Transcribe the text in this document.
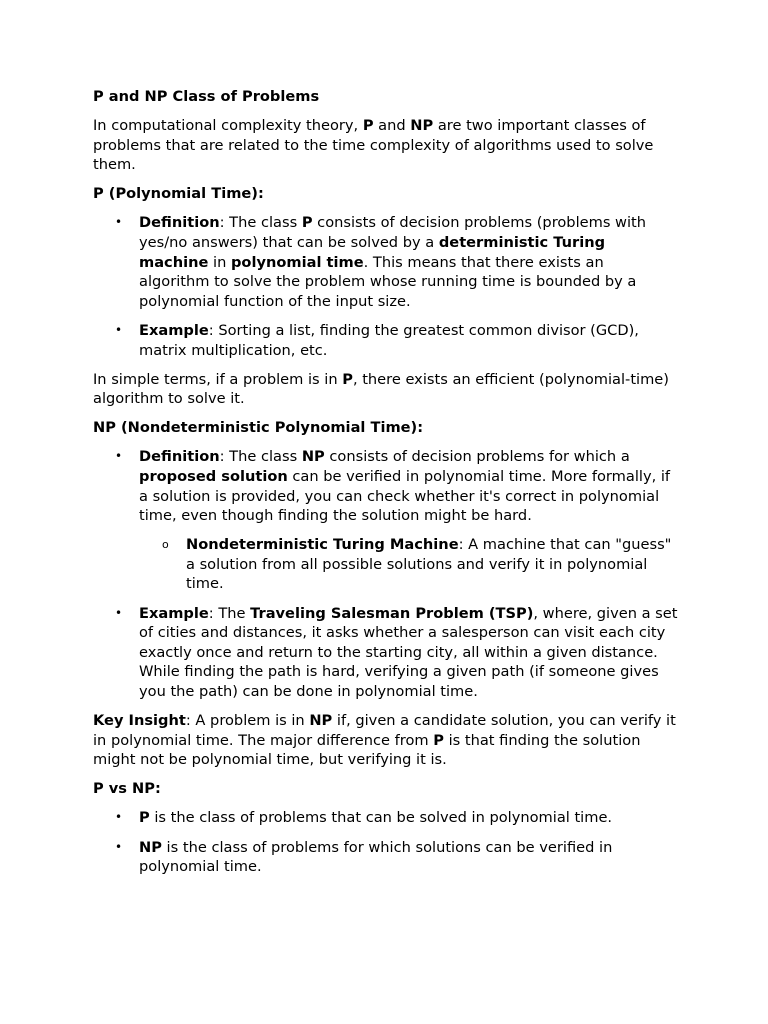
P and NP Class of Problems

In computational complexity theory, P and NP are two important classes of problems that are related to the time complexity of algorithms used to solve them.

P (Polynomial Time):

• Definition: The class P consists of decision problems (problems with yes/no answers) that can be solved by a deterministic Turing machine in polynomial time. This means that there exists an algorithm to solve the problem whose running time is bounded by a polynomial function of the input size.
• Example: Sorting a list, finding the greatest common divisor (GCD), matrix multiplication, etc.

In simple terms, if a problem is in P, there exists an efficient (polynomial-time) algorithm to solve it.

NP (Nondeterministic Polynomial Time):

• Definition: The class NP consists of decision problems for which a proposed solution can be verified in polynomial time. More formally, if a solution is provided, you can check whether it's correct in polynomial time, even though finding the solution might be hard.
o Nondeterministic Turing Machine: A machine that can "guess" a solution from all possible solutions and verify it in polynomial time.
• Example: The Traveling Salesman Problem (TSP), where, given a set of cities and distances, it asks whether a salesperson can visit each city exactly once and return to the starting city, all within a given distance. While finding the path is hard, verifying a given path (if someone gives you the path) can be done in polynomial time.

Key Insight: A problem is in NP if, given a candidate solution, you can verify it in polynomial time. The major difference from P is that finding the solution might not be polynomial time, but verifying it is.

P vs NP:

• P is the class of problems that can be solved in polynomial time.
• NP is the class of problems for which solutions can be verified in polynomial time.
